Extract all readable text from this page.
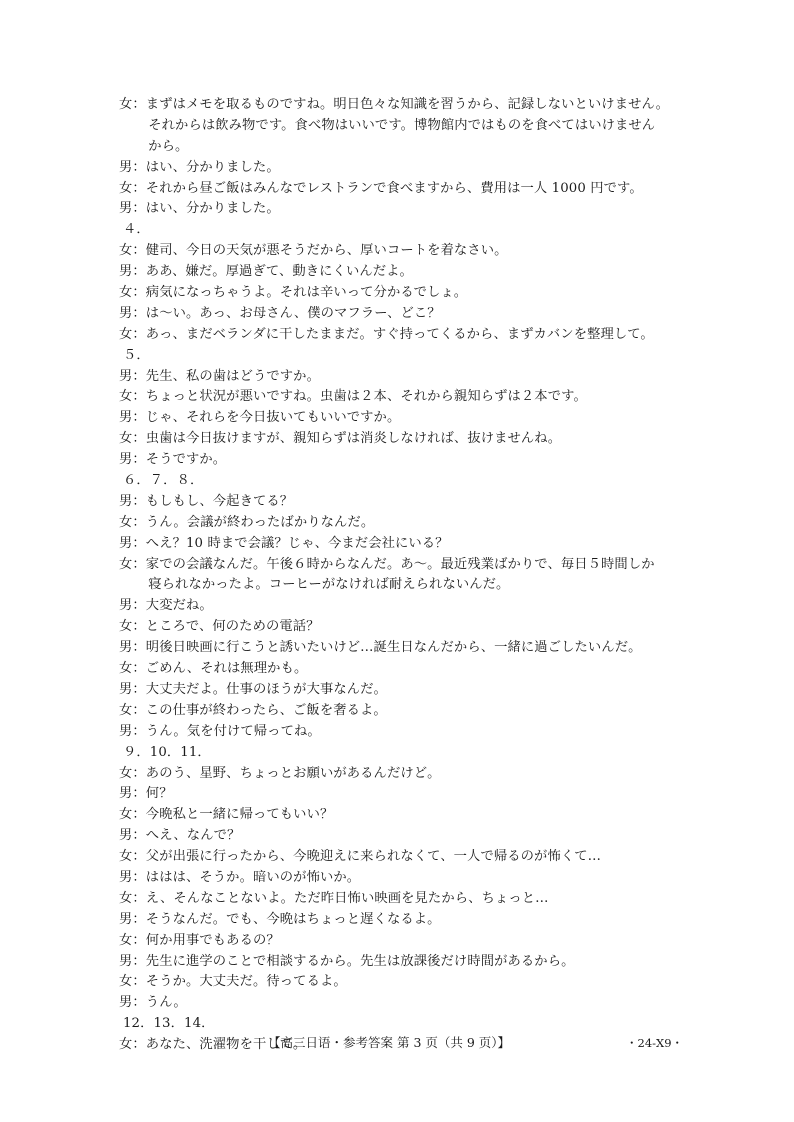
女：まずはメモを取るものですね。明日色々な知識を習うから、記録しないといけません。
それからは飲み物です。食べ物はいいです。博物館内ではものを食べてはいけません
から。
男：はい、分かりました。
女：それから昼ご飯はみんなでレストランで食べますから、費用は一人 1000 円です。
男：はい、分かりました。
４．
女：健司、今日の天気が悪そうだから、厚いコートを着なさい。
男：ああ、嫌だ。厚過ぎて、動きにくいんだよ。
女：病気になっちゃうよ。それは辛いって分かるでしょ。
男：は～い。あっ、お母さん、僕のマフラー、どこ？
女：あっ、まだベランダに干したままだ。すぐ持ってくるから、まずカバンを整理して。
５．
男：先生、私の歯はどうですか。
女：ちょっと状況が悪いですね。虫歯は２本、それから親知らずは２本です。
男：じゃ、それらを今日抜いてもいいですか。
女：虫歯は今日抜けますが、親知らずは消炎しなければ、抜けませんね。
男：そうですか。
６．７．８．
男：もしもし、今起きてる？
女：うん。会議が終わったばかりなんだ。
男：へえ？10 時まで会議？じゃ、今まだ会社にいる？
女：家での会議なんだ。午後６時からなんだ。あ～。最近残業ばかりで、毎日５時間しか
寝られなかったよ。コーヒーがなければ耐えられないんだ。
男：大変だね。
女：ところで、何のための電話？
男：明後日映画に行こうと誘いたいけど…誕生日なんだから、一緒に過ごしたいんだ。
女：ごめん、それは無理かも。
男：大丈夫だよ。仕事のほうが大事なんだ。
女：この仕事が終わったら、ご飯を奢るよ。
男：うん。気を付けて帰ってね。
９．10．11．
女：あのう、星野、ちょっとお願いがあるんだけど。
男：何？
女：今晩私と一緒に帰ってもいい？
男：へえ、なんで？
女：父が出張に行ったから、今晩迎えに来られなくて、一人で帰るのが怖くて…
男：ははは、そうか。暗いのが怖いか。
女：え、そんなことないよ。ただ昨日怖い映画を見たから、ちょっと…
男：そうなんだ。でも、今晩はちょっと遅くなるよ。
女：何か用事でもあるの？
男：先生に進学のことで相談するから。先生は放課後だけ時間があるから。
女：そうか。大丈夫だ。待ってるよ。
男：うん。
12．13．14．
女：あなた、洗濯物を干して。
【高三日语・参考答案 第 3 页（共 9 页）】	・24-X9・
